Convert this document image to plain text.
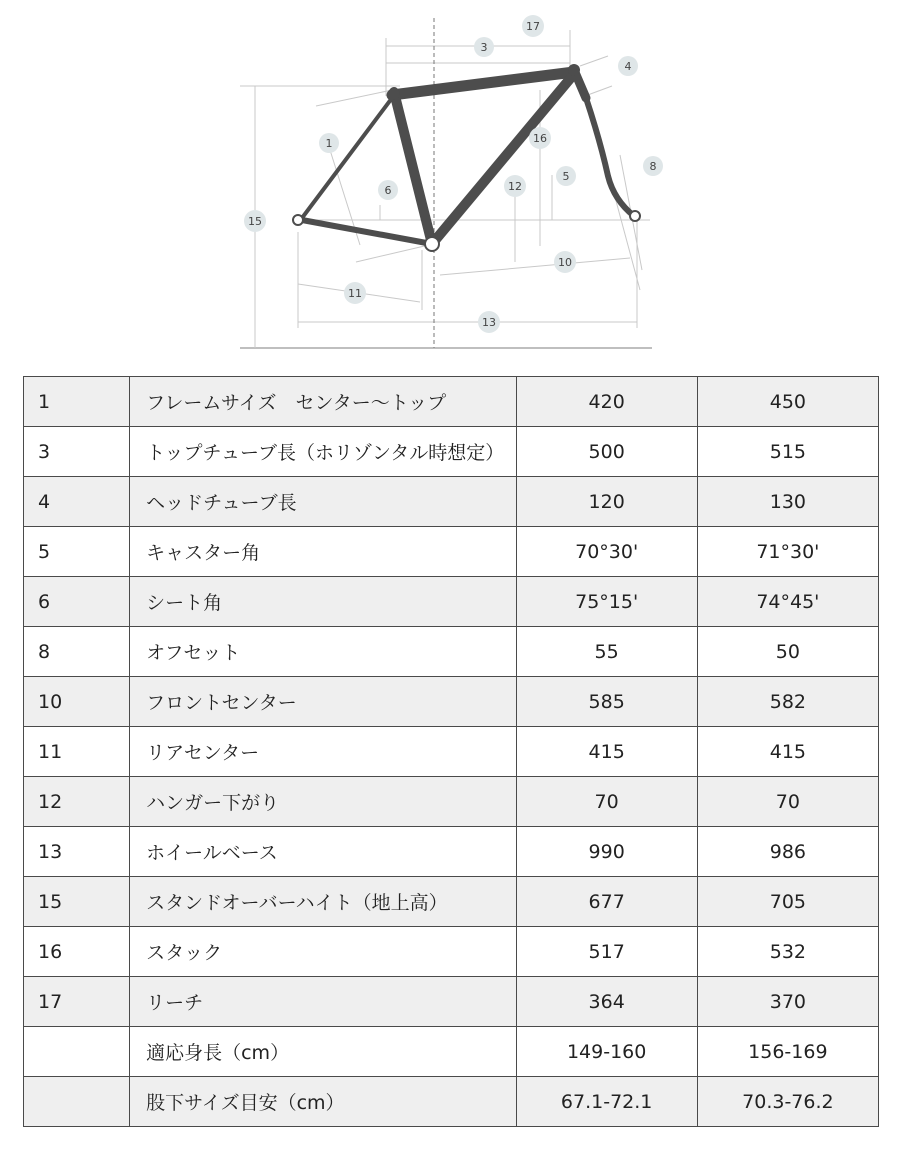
1
3
4
5
6
8
10
11
12
13
15
16
17
1	フレームサイズ　センター〜トップ	420	450
3	トップチューブ長（ホリゾンタル時想定）	500	515
4	ヘッドチューブ長	120	130
5	キャスター角	70°30'	71°30'
6	シート角	75°15'	74°45'
8	オフセット	55	50
10	フロントセンター	585	582
11	リアセンター	415	415
12	ハンガー下がり	70	70
13	ホイールベース	990	986
15	スタンドオーバーハイト（地上高）	677	705
16	スタック	517	532
17	リーチ	364	370
	適応身長（cm）	149-160	156-169
	股下サイズ目安（cm）	67.1-72.1	70.3-76.2
